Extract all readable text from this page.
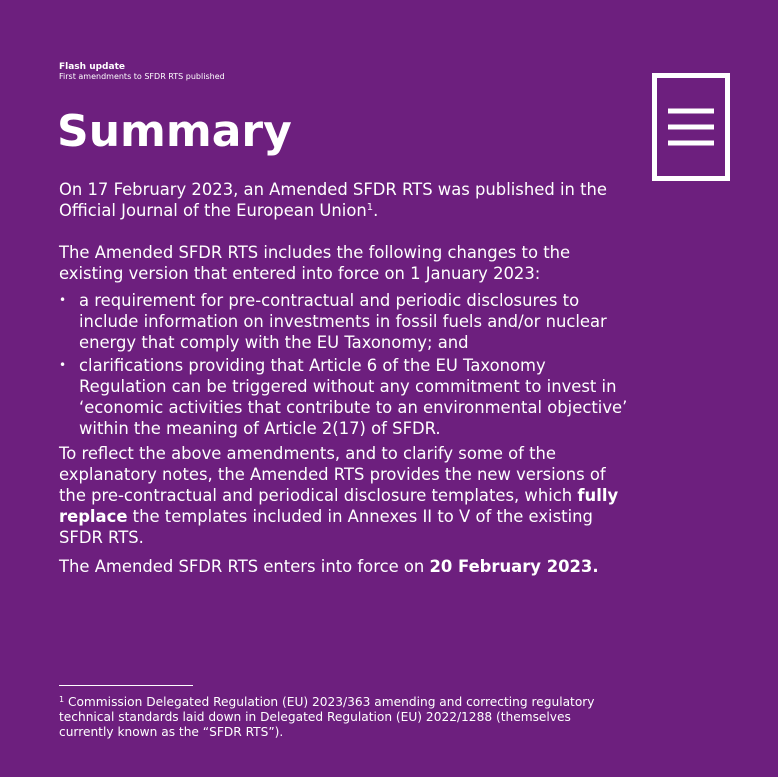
Flash update
First amendments to SFDR RTS published
Summary

On 17 February 2023, an Amended SFDR RTS was published in the Official Journal of the European Union$^1$.

The Amended SFDR RTS includes the following changes to the existing version that entered into force on 1 January 2023:

• a requirement for pre-contractual and periodic disclosures to include information on investments in fossil fuels and/or nuclear energy that comply with the EU Taxonomy; and
• clarifications providing that Article 6 of the EU Taxonomy Regulation can be triggered without any commitment to invest in ‘economic activities that contribute to an environmental objective’ within the meaning of Article 2(17) of SFDR.

To reflect the above amendments, and to clarify some of the explanatory notes, the Amended RTS provides the new versions of the pre-contractual and periodical disclosure templates, which fully replace the templates included in Annexes II to V of the existing SFDR RTS.

The Amended SFDR RTS enters into force on 20 February 2023.

$^1$ Commission Delegated Regulation (EU) 2023/363 amending and correcting regulatory technical standards laid down in Delegated Regulation (EU) 2022/1288 (themselves currently known as the “SFDR RTS”).
